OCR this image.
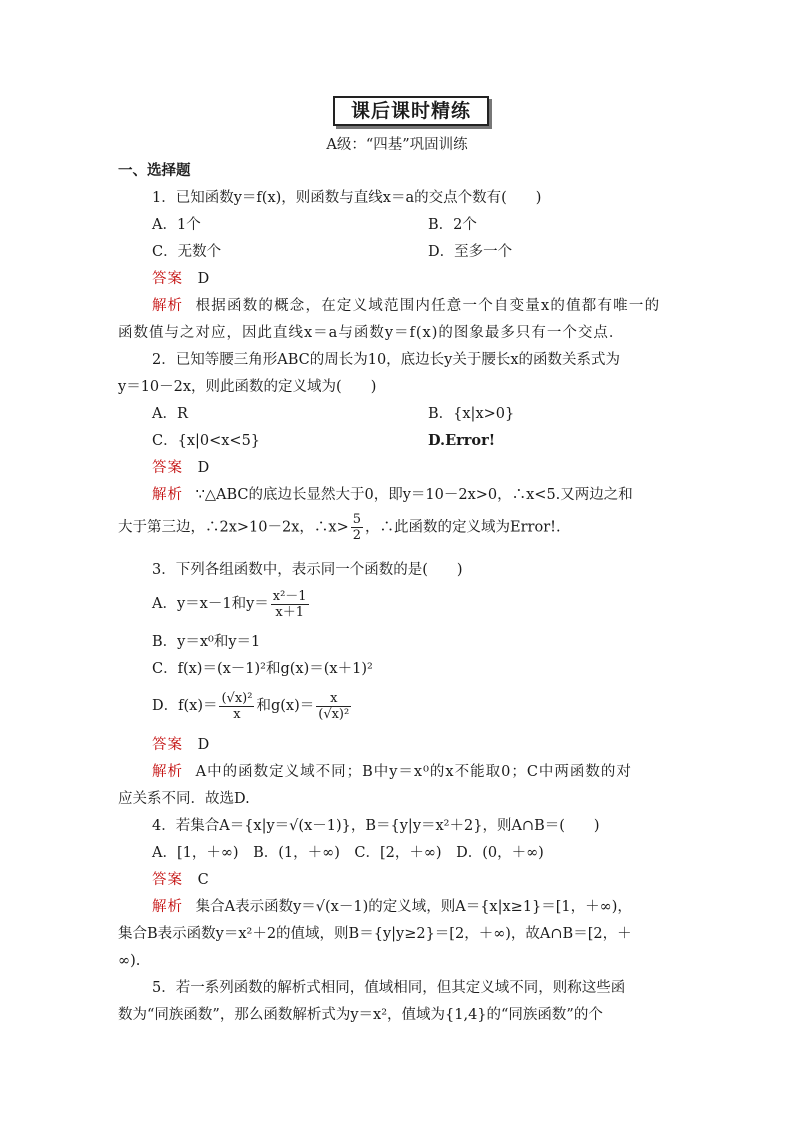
课后课时精练
A级：“四基”巩固训练
一、选择题
1．已知函数y＝f(x)，则函数与直线x＝a的交点个数有(　　)
A．1个	B．2个
C．无数个	D．至多一个
答案 D
解析 根据函数的概念，在定义域范围内任意一个自变量x的值都有唯一的
函数值与之对应，因此直线x＝a与函数y＝f(x)的图象最多只有一个交点．
2．已知等腰三角形ABC的周长为10，底边长y关于腰长x的函数关系式为
y＝10－2x，则此函数的定义域为(　　)
A．R	B．{x|x>0}
C．{x|0<x<5}	D.Error!
答案 D
解析 ∵△ABC的底边长显然大于0，即y＝10－2x>0，∴x<5.又两边之和
大于第三边，∴2x>10－2x，∴x> $\frac{5}{2}$ ，∴此函数的定义域为Error!.
3．下列各组函数中，表示同一个函数的是(　　)
A．y＝x－1和$y= \frac{\text{x²－1}}{x+1}$
B．y＝x⁰和y＝1
C．f(x)＝(x－1)²和g(x)＝(x＋1)²
D．$f(x)= \frac{\text{(√x)²}}{x}$ 和$g(x)= \frac{x}{\text{(√x)²}}$
答案 D
解析 A中的函数定义域不同；B中y＝x⁰的x不能取0；C中两函数的对
应关系不同．故选D.
4．若集合A＝{x|y＝√(x－1)}，B＝{y|y＝x²＋2}，则A∩B＝(　　)
A．[1，＋∞)　B．(1，＋∞)　C．[2，＋∞)　D．(0，＋∞)
答案 C
解析 集合A表示函数y＝√(x－1)的定义域，则A＝{x|x≥1}＝[1，＋∞)，
集合B表示函数y＝x²＋2的值域，则B＝{y|y≥2}＝[2，＋∞)，故A∩B＝[2，＋
∞).
5．若一系列函数的解析式相同，值域相同，但其定义域不同，则称这些函
数为“同族函数”，那么函数解析式为y＝x²，值域为{1,4}的“同族函数”的个
